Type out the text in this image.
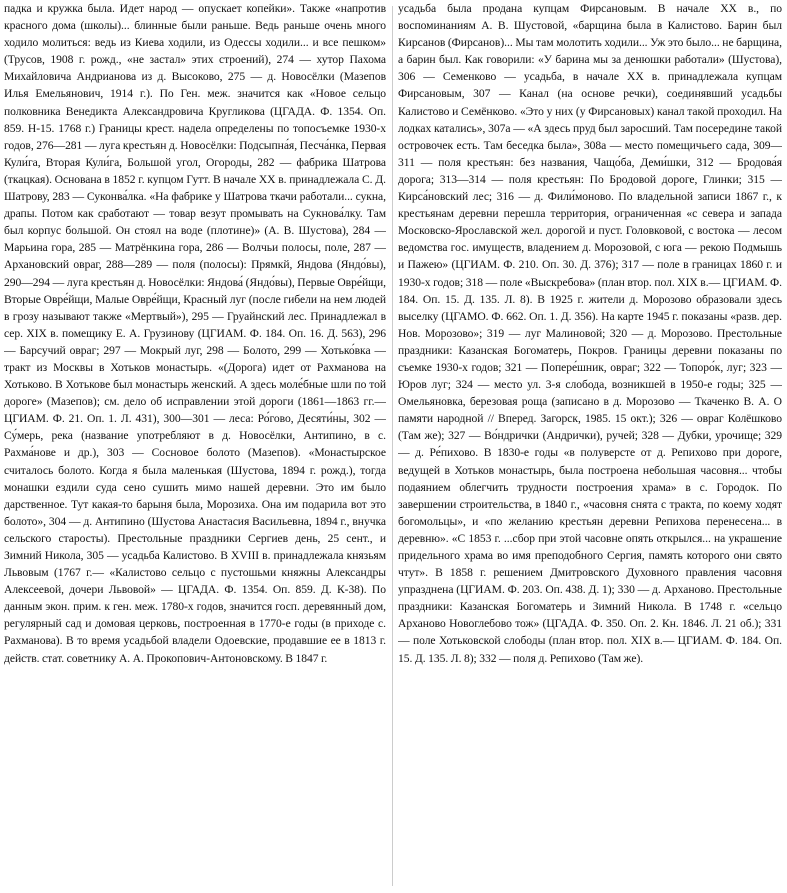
падка и кружка была. Идет народ — опускает копейки». Также «напротив красного дома (школы)... блинные были раньше. Ведь раньше очень много ходило молиться: ведь из Киева ходили, из Одессы ходили... и все пешком» (Трусов, 1908 г. рожд., «не застал» этих строений), 274 — хутор Пахома Михайловича Андрианова из д. Высоково, 275 — д. Новосёлки (Мазепов Илья Емельянович, 1914 г.). По Ген. меж. значится как «Новое сельцо полковника Венедикта Александровича Кругликова (ЦГАДА. Ф. 1354. Оп. 859. Н-15. 1768 г.) Границы крест. надела определены по топосъемке 1930-х годов, 276—281 — луга крестьян д. Новосёлки: Подсыпна́я, Песча́нка, Первая Кули́га, Вторая Кули́га, Большой угол, Огороды, 282 — фабрика Шатрова (ткацкая). Основана в 1852 г. купцом Гутт. В начале XX в. принадлежала С. Д. Шатрову, 283 — Суконва́лка. «На фабрике у Шатрова ткачи работали... сукна, драпы. Потом как сработают — товар везут промывать на Сукнова́лку. Там был корпус большой. Он стоял на воде (плотине)» (А. В. Шустова), 284 — Марьина гора, 285 — Матрёнкина гора, 286 — Волчьи полосы, поле, 287 — Архановский овраг, 288—289 — поля (полосы): Прямкй, Яндова (Яндо́вы), 290—294 — луга крестьян д. Новосёлки: Яндова́ (Яндо́вы), Первые Овре́йщи, Вторые Овре́йщи, Малые Овре́йщи, Красный луг (после гибели на нем людей в грозу называют также «Мертвый»), 295 — Груайнский лес. Принадлежал в сер. XIX в. помещику Е. А. Грузинову (ЦГИАМ. Ф. 184. Оп. 16. Д. 563), 296 — Барсучий овраг; 297 — Мокрый луг, 298 — Болото, 299 — Хотько́вка — тракт из Москвы в Хотьков монастырь. «(Дорога) идет от Рахманова на Хотьково. В Хотькове был монастырь женский. А здесь моле́бные шли по той дороге» (Мазепов); см. дело об исправлении этой дороги (1861—1863 гг.— ЦГИАМ. Ф. 21. Оп. 1. Л. 431), 300—301 — леса: Ро́гово, Десяти́ны, 302 — Су́мерь, река (название употребляют в д. Новосёлки, Антипино, в с. Рахма́нове и др.), 303 — Сосновое болото (Мазепов). «Монастырское считалось болото. Когда я была маленькая (Шустова, 1894 г. рожд.), тогда монашки ездили суда сено сушить мимо нашей деревни. Это им было дарственное. Тут какая-то барыня была, Морозиха. Она им подарила вот это болото», 304 — д. Антипино (Шустова Анастасия Васильевна, 1894 г., внучка сельского старосты). Престольные праздники Сергиев день, 25 сент., и Зимний Никола, 305 — усадьба Калистово. В XVIII в. принадлежала князьям Львовым (1767 г.— «Калистово сельцо с пустошьми княжны Александры Алексеевой, дочери Львовой» — ЦГАДА. Ф. 1354. Оп. 859. Д. К-38). По данным экон. прим. к ген. меж. 1780-х годов, значится госп. деревянный дом, регулярный сад и домовая церковь, построенная в 1770-е годы (в приходе с. Рахманова). В то время усадьбой владели Одоевские, продавшие ее в 1813 г. действ. стат. советнику А. А. Прокопович-Антоновскому. В 1847 г.

усадьба была продана купцам Фирсановым. В начале XX в., по воспоминаниям А. В. Шустовой, «барщина была в Калистово. Барин был Кирсанов (Фирсанов)... Мы там молотить ходили... Уж это было... не барщина, а барин был. Как говорили: «У барина мы за денюшки работали» (Шустова), 306 — Семенково — усадьба, в начале XX в. принадлежала купцам Фирсановым, 307 — Канал (на основе речки), соединявший усадьбы Калистово и Семёнково. «Это у них (у Фирсановых) канал такой проходил. На лодках катались», 307а — «А здесь пруд был заросший. Там посередине такой островочек есть. Там беседка была», 308а — место помещичьего сада, 309—311 — поля крестьян: без названия, Чащо́ба, Деми́шки, 312 — Бродова́я дорога; 313—314 — поля крестьян: По Бродовой дороге, Глинки; 315 — Кирса́новский лес; 316 — д. Фили́моново. По владельной записи 1867 г., к крестьянам деревни перешла территория, ограниченная «с севера и запада Московско-Ярославской жел. дорогой и пуст. Головковой, с востока — лесом ведомства гос. имуществ, владением д. Морозовой, с юга — рекою Подмышь и Пажею» (ЦГИАМ. Ф. 210. Оп. 30. Д. 376); 317 — поле в границах 1860 г. и 1930-х годов; 318 — поле «Выскребова» (план втор. пол. XIX в.— ЦГИАМ. Ф. 184. Оп. 15. Д. 135. Л. 8). В 1925 г. жители д. Морозово образовали здесь выселку (ЦГАМО. Ф. 662. Оп. 1. Д. 356). На карте 1945 г. показаны «разв. дер. Нов. Морозово»; 319 — луг Малиновой; 320 — д. Морозово. Престольные праздники: Казанская Богоматерь, Покров. Границы деревни показаны по съемке 1930-х годов; 321 — Попере́шник, овраг; 322 — Топоро́к, луг; 323 — Юров луг; 324 — место ул. 3-я слобода, возникшей в 1950-е годы; 325 — Омельяновка, березовая роща (записано в д. Морозово — Ткаченко В. А. О памяти народной // Вперед. Загорск, 1985. 15 окт.); 326 — овраг Колёшково (Там же); 327 — Во́ндрички (Андрички), ручей; 328 — Дубки, урочище; 329 — д. Ре́пихово. В 1830-е годы «в полуверсте от д. Репихово при дороге, ведущей в Хотьков монастырь, была построена небольшая часовня... чтобы подаянием облегчить трудности построения храма» в с. Городок. По завершении строительства, в 1840 г., «часовня снята с тракта, по коему ходят богомольцы», и «по желанию крестьян деревни Репихова перенесена... в деревню». «С 1853 г. ...сбор при этой часовне опять открылся... на украшение придельного храма во имя преподобного Сергия, память которого они свято чтут». В 1858 г. решением Дмитровского Духовного правления часовня упразднена (ЦГИАМ. Ф. 203. Оп. 438. Д. 1); 330 — д. Арханово. Престольные праздники: Казанская Богоматерь и Зимний Никола. В 1748 г. «сельцо Арханово Новоглебово тож» (ЦГАДА. Ф. 350. Оп. 2. Кн. 1846. Л. 21 об.); 331 — поле Хотьковской слободы (план втор. пол. XIX в.— ЦГИАМ. Ф. 184. Оп. 15. Д. 135. Л. 8); 332 — поля д. Репихово (Там же).
